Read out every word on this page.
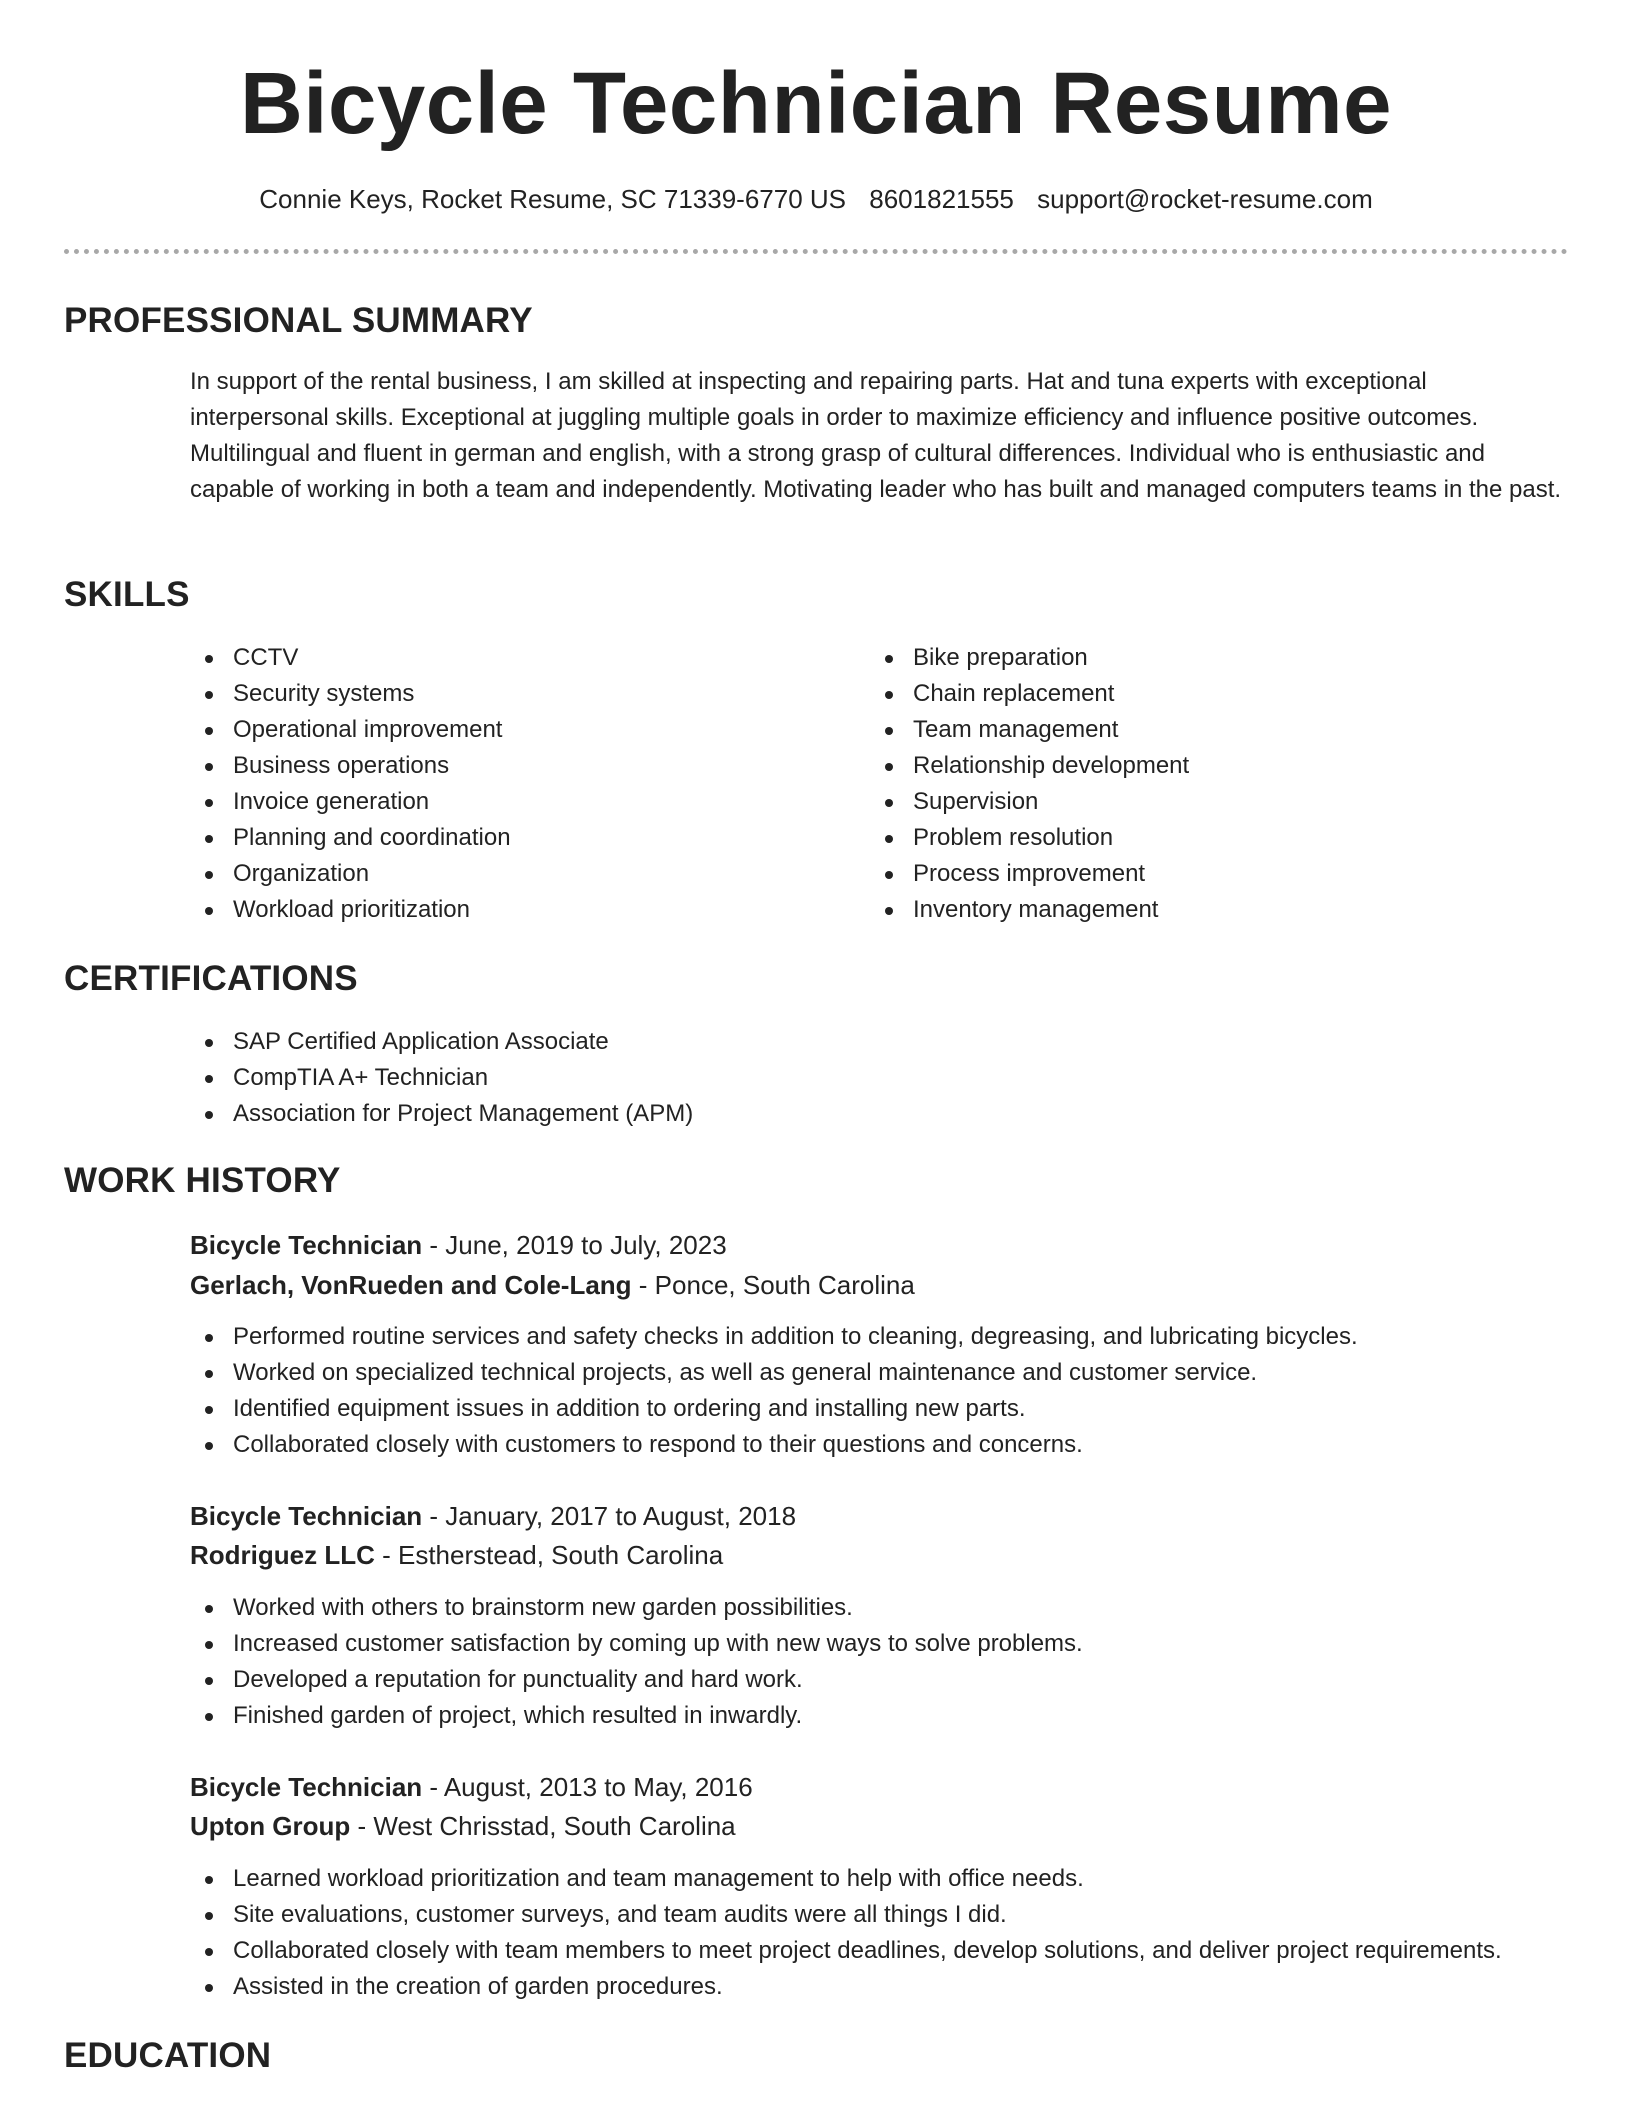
Bicycle Technician Resume
Connie Keys, Rocket Resume, SC 71339-6770 US 8601821555 support@rocket-resume.com
PROFESSIONAL SUMMARY
In support of the rental business, I am skilled at inspecting and repairing parts. Hat and tuna experts with exceptional interpersonal skills. Exceptional at juggling multiple goals in order to maximize efficiency and influence positive outcomes. Multilingual and fluent in german and english, with a strong grasp of cultural differences. Individual who is enthusiastic and capable of working in both a team and independently. Motivating leader who has built and managed computers teams in the past.
SKILLS
CCTV
Security systems
Operational improvement
Business operations
Invoice generation
Planning and coordination
Organization
Workload prioritization
Bike preparation
Chain replacement
Team management
Relationship development
Supervision
Problem resolution
Process improvement
Inventory management
CERTIFICATIONS
SAP Certified Application Associate
CompTIA A+ Technician
Association for Project Management (APM)
WORK HISTORY
Bicycle Technician - June, 2019 to July, 2023
Gerlach, VonRueden and Cole-Lang - Ponce, South Carolina
Performed routine services and safety checks in addition to cleaning, degreasing, and lubricating bicycles.
Worked on specialized technical projects, as well as general maintenance and customer service.
Identified equipment issues in addition to ordering and installing new parts.
Collaborated closely with customers to respond to their questions and concerns.
Bicycle Technician - January, 2017 to August, 2018
Rodriguez LLC - Estherstead, South Carolina
Worked with others to brainstorm new garden possibilities.
Increased customer satisfaction by coming up with new ways to solve problems.
Developed a reputation for punctuality and hard work.
Finished garden of project, which resulted in inwardly.
Bicycle Technician - August, 2013 to May, 2016
Upton Group - West Chrisstad, South Carolina
Learned workload prioritization and team management to help with office needs.
Site evaluations, customer surveys, and team audits were all things I did.
Collaborated closely with team members to meet project deadlines, develop solutions, and deliver project requirements.
Assisted in the creation of garden procedures.
EDUCATION
